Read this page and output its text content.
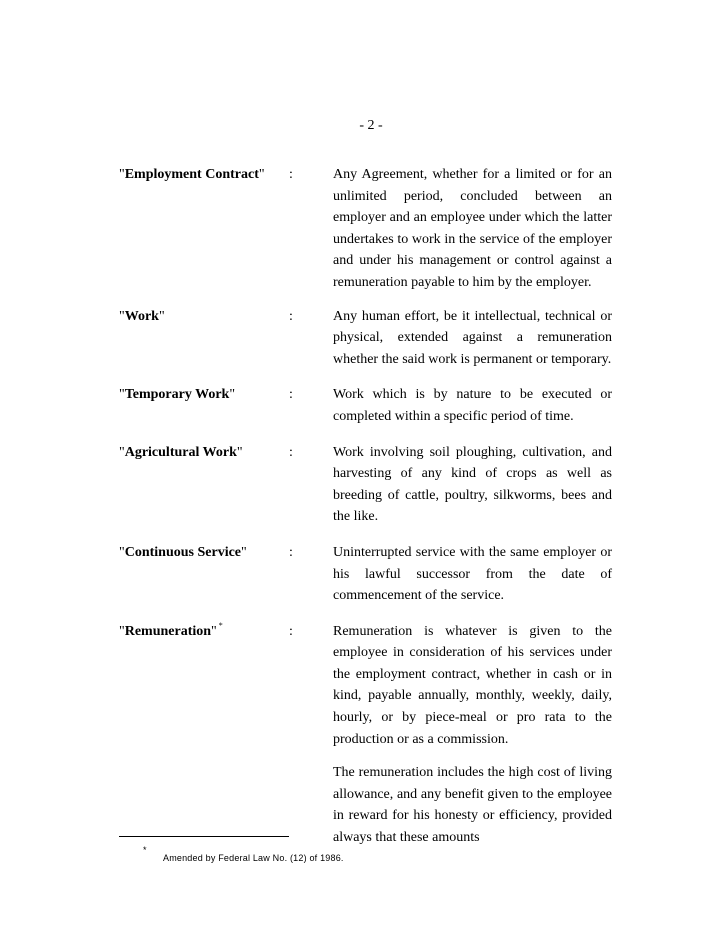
- 2 -
"Employment Contract" :	Any Agreement, whether for a limited or for an unlimited period, concluded between an employer and an employee under which the latter undertakes to work in the service of the employer and under his management or control against a remuneration payable to him by the employer.

"Work"	:	Any human effort, be it intellectual, technical or physical, extended against a remuneration whether the said work is permanent or temporary.

"Temporary Work"	:	Work which is by nature to be executed or completed within a specific period of time.

"Agricultural Work"	:	Work involving soil ploughing, cultivation, and harvesting of any kind of crops as well as breeding of cattle, poultry, silkworms, bees and the like.

"Continuous Service"	:	Uninterrupted service with the same employer or his lawful successor from the date of commencement of the service.

"Remuneration" *	:	Remuneration is whatever is given to the employee in consideration of his services under the employment contract, whether in cash or in kind, payable annually, monthly, weekly, daily, hourly, or by piece-meal or pro rata to the production or as a commission.

The remuneration includes the high cost of living allowance, and any benefit given to the employee in reward for his honesty or efficiency, provided always that these amounts

*
Amended by Federal Law No. (12) of 1986.
